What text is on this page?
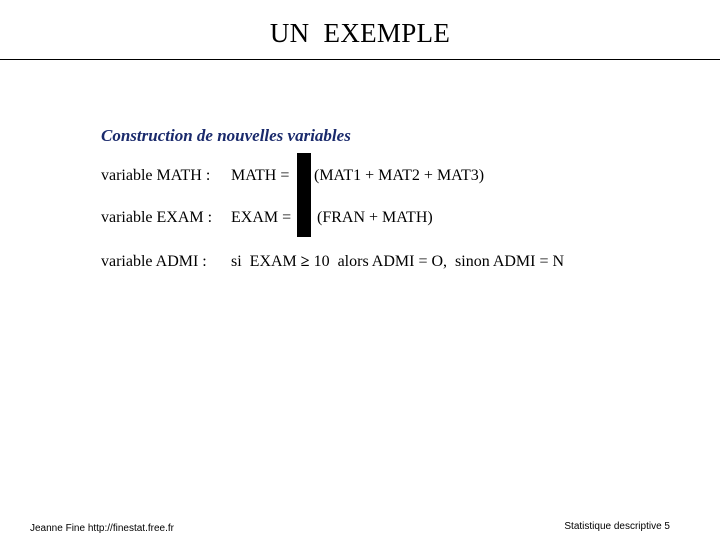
UN  EXEMPLE
Construction de nouvelles variables
variable MATH : MATH = (MAT1 + MAT2 + MAT3)
variable EXAM : EXAM = (FRAN + MATH)
variable ADMI : si  EXAM ≥ 10  alors ADMI = O,  sinon ADMI = N
Jeanne Fine http://finestat.free.fr	Statistique descriptive 5
